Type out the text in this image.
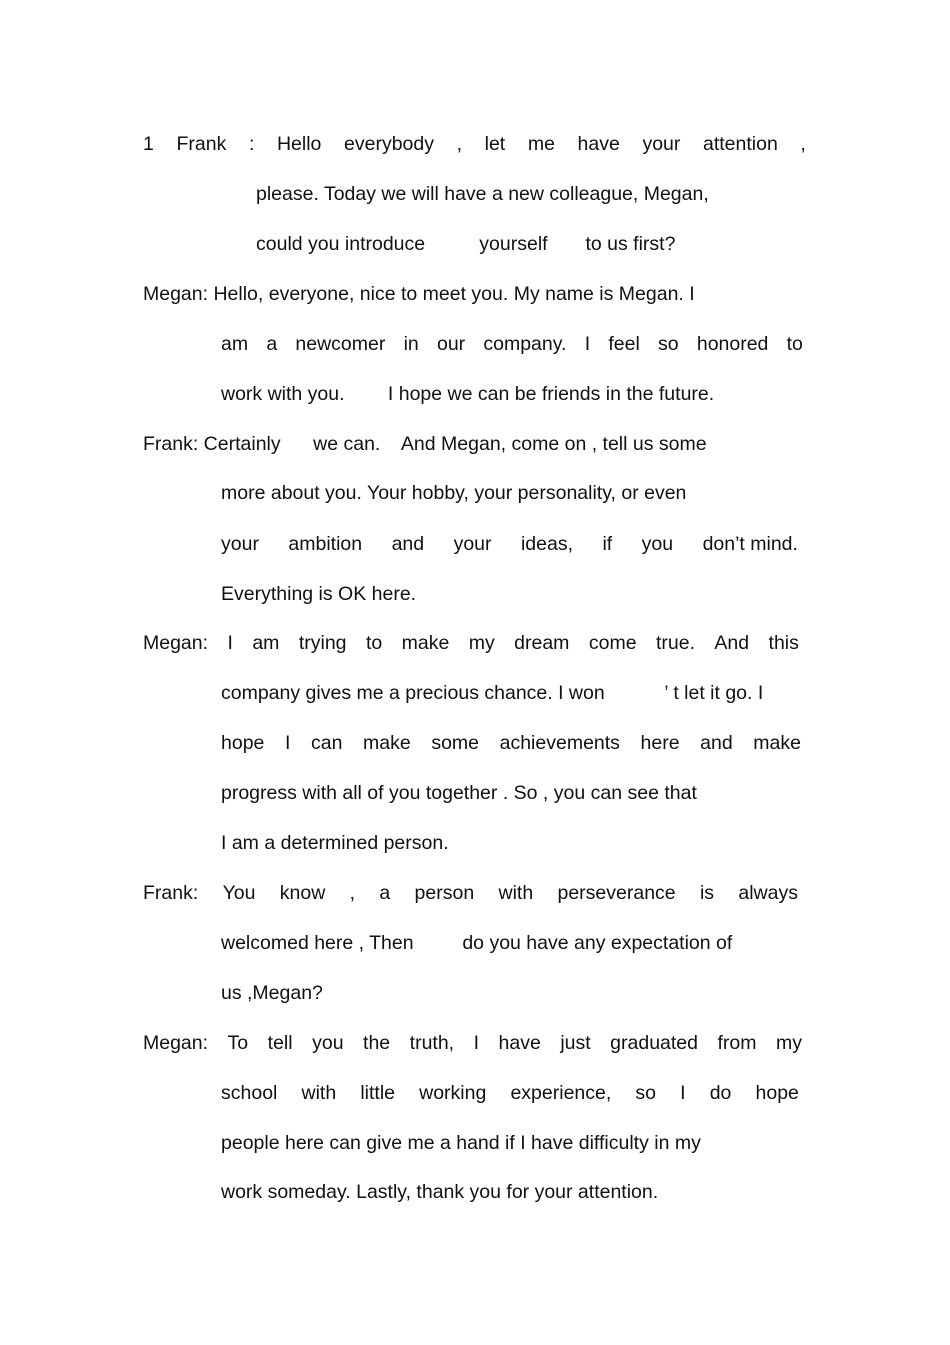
1 Frank : Hello everybody , let me have your attention ,
please. Today we will have a new colleague, Megan,
could you introduce          yourself       to us first?
Megan: Hello, everyone, nice to meet you. My name is Megan. I
am a newcomer in our company. I feel so honored to
work with you.        I hope we can be friends in the future.
Frank: Certainly      we can.    And Megan, come on , tell us some
more about you. Your hobby, your personality, or even
your ambition and your ideas, if you don’t mind.
Everything is OK here.
Megan: I am trying to make my dream come true. And this
company gives me a precious chance. I won           ’ t let it go. I
hope I can make some achievements here and make
progress with all of you together . So , you can see that
I am a determined person.
Frank: You know , a person with perseverance is always
welcomed here , Then         do you have any expectation of
us ,Megan?
Megan: To tell you the truth, I have just graduated from my
school with little working experience, so I do hope
people here can give me a hand if I have difficulty in my
work someday. Lastly, thank you for your attention.
